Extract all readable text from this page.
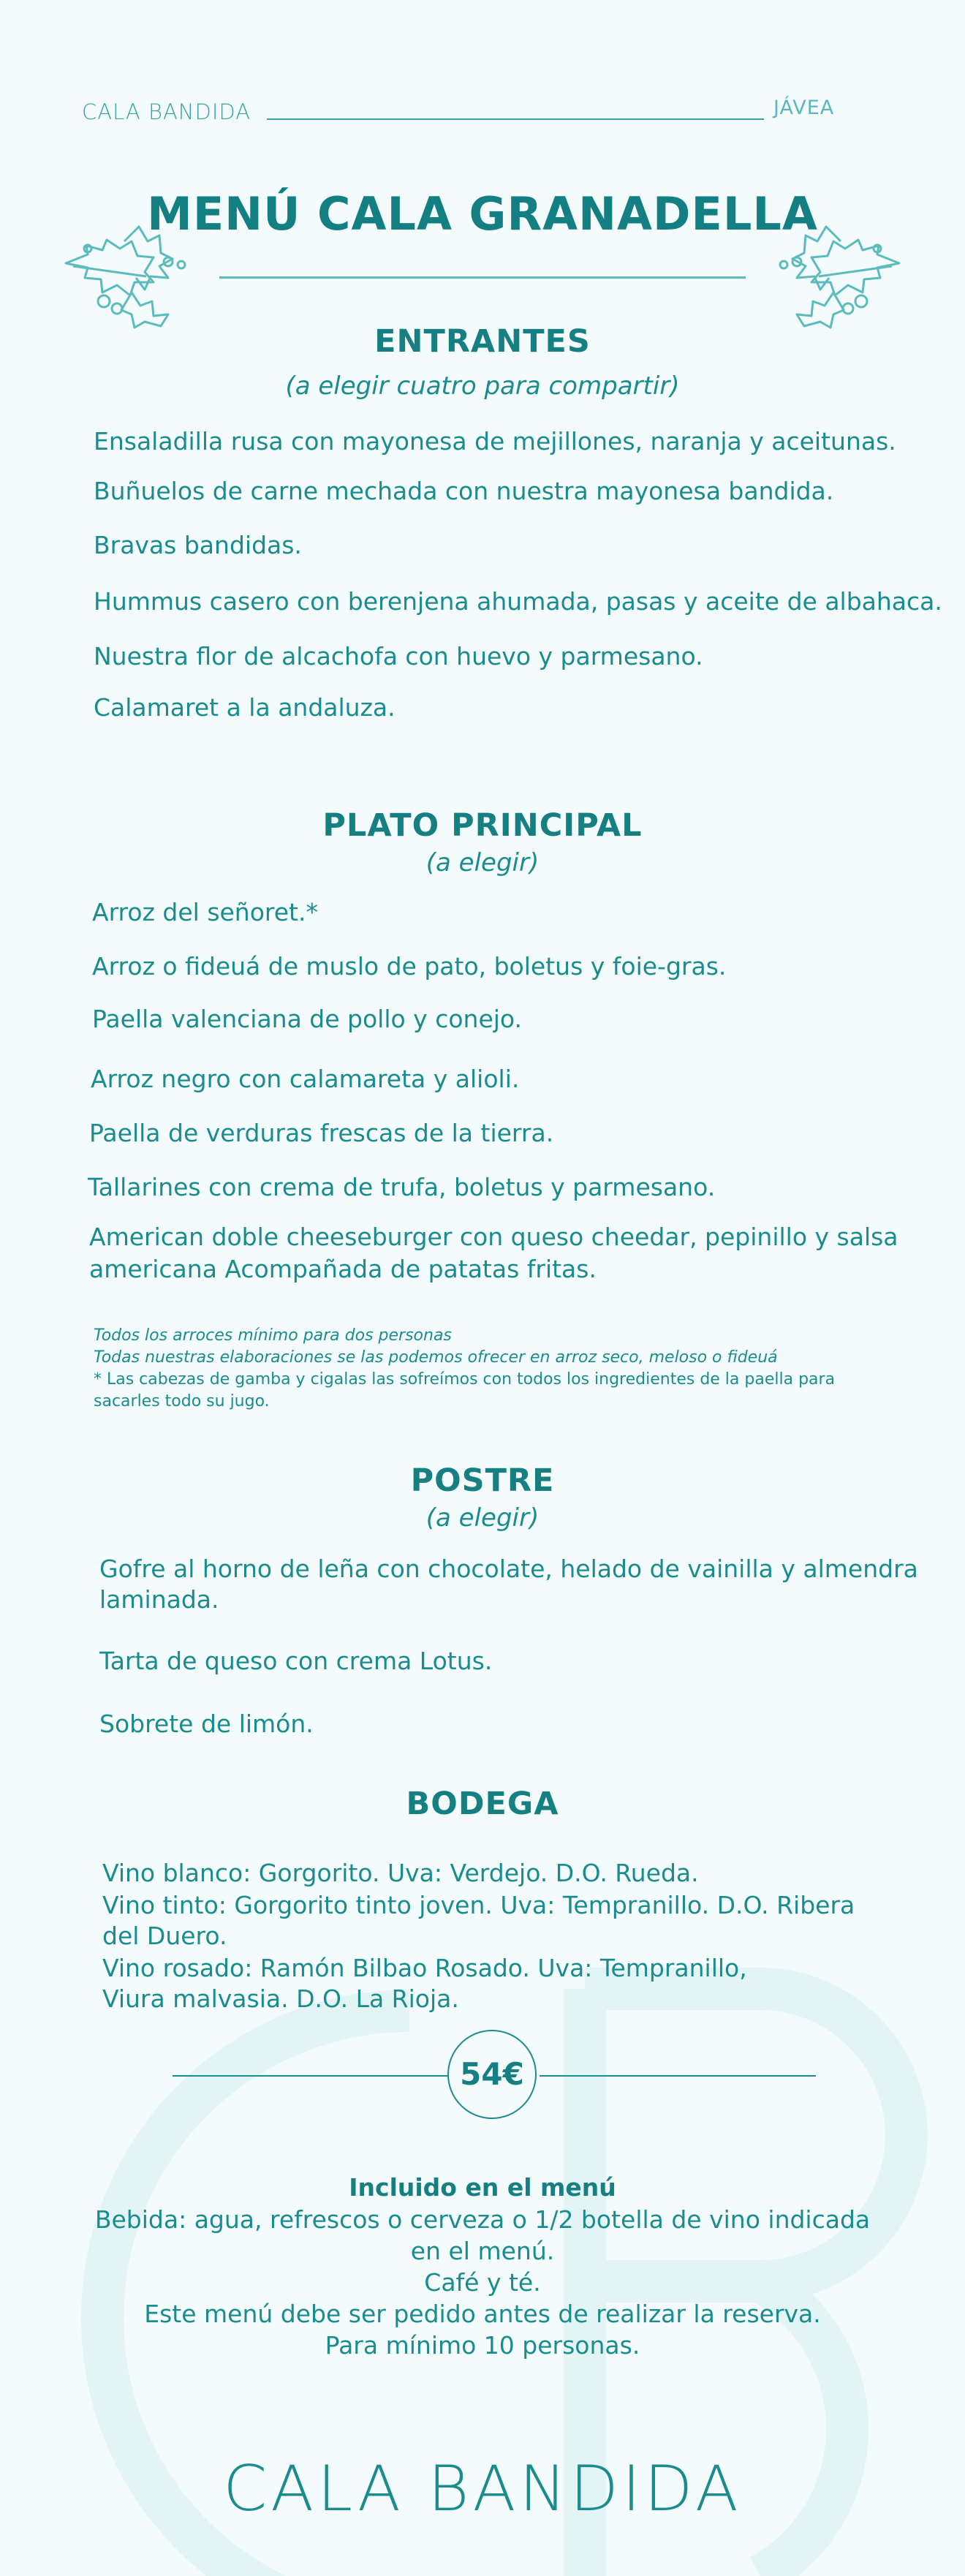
CALA BANDIDA	JÁVEA
MENÚ CALA GRANADELLA
ENTRANTES
(a elegir cuatro para compartir)
Ensaladilla rusa con mayonesa de mejillones, naranja y aceitunas.
Buñuelos de carne mechada con nuestra mayonesa bandida.
Bravas bandidas.
Hummus casero con berenjena ahumada, pasas y aceite de albahaca.
Nuestra flor de alcachofa con huevo y parmesano.
Calamaret a la andaluza.
PLATO PRINCIPAL
(a elegir)
Arroz del señoret.*
Arroz o fideuá de muslo de pato, boletus y foie-gras.
Paella valenciana de pollo y conejo.
Arroz negro con calamareta y alioli.
Paella de verduras frescas de la tierra.
Tallarines con crema de trufa, boletus y parmesano.
American doble cheeseburger con queso cheedar, pepinillo y salsa
americana Acompañada de patatas fritas.
Todos los arroces mínimo para dos personas
Todas nuestras elaboraciones se las podemos ofrecer en arroz seco, meloso o fideuá
* Las cabezas de gamba y cigalas las sofreímos con todos los ingredientes de la paella para
sacarles todo su jugo.
POSTRE
(a elegir)
Gofre al horno de leña con chocolate, helado de vainilla y almendra
laminada.
Tarta de queso con crema Lotus.
Sobrete de limón.
BODEGA
Vino blanco: Gorgorito. Uva: Verdejo. D.O. Rueda.
Vino tinto: Gorgorito tinto joven. Uva: Tempranillo. D.O. Ribera
del Duero.
Vino rosado: Ramón Bilbao Rosado. Uva: Tempranillo,
Viura malvasia. D.O. La Rioja.
54€
Incluido en el menú
Bebida: agua, refrescos o cerveza o 1/2 botella de vino indicada
en el menú.
Café y té.
Este menú debe ser pedido antes de realizar la reserva.
Para mínimo 10 personas.
CALA BANDIDA
